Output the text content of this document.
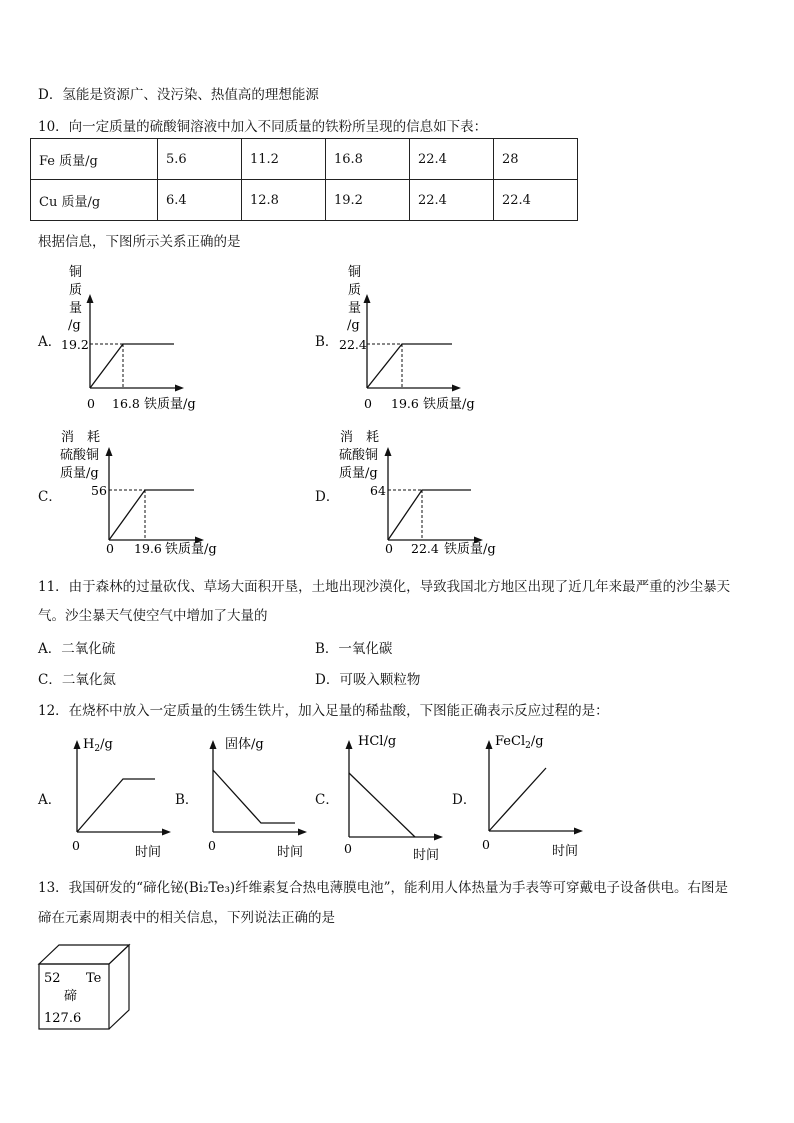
D．氢能是资源广、没污染、热值高的理想能源
10．向一定质量的硫酸铜溶液中加入不同质量的铁粉所呈现的信息如下表：
Fe 质量/g	5.6	11.2	16.8	22.4	28
Cu 质量/g	6.4	12.8	19.2	22.4	22.4
根据信息，下图所示关系正确的是
A．
铜
质
量
/g
19.2
0 16.8 铁质量/g
B．
铜
质
量
/g
22.4
0 19.6 铁质量/g
C．
消　耗
硫酸铜
质量/g
56
0 19.6 铁质量/g
D．
消　耗
硫酸铜
质量/g
64
0 22.4 铁质量/g
11．由于森林的过量砍伐、草场大面积开垦，土地出现沙漠化，导致我国北方地区出现了近几年来最严重的沙尘暴天
气。沙尘暴天气使空气中增加了大量的
A．二氧化硫	B．一氧化碳
C．二氧化氮	D．可吸入颗粒物
12．在烧杯中放入一定质量的生锈生铁片，加入足量的稀盐酸，下图能正确表示反应过程的是：
A．
$H_2/g$
0	时间
B．
固体/g
0	时间
C．
HCl/g
0	时间
D．
FeCl$_2$/g
0	时间
13．我国研发的“碲化铋(Bi₂Te₃)纤维素复合热电薄膜电池”，能利用人体热量为手表等可穿戴电子设备供电。右图是
碲在元素周期表中的相关信息，下列说法正确的是
52 Te
碲
127.6
